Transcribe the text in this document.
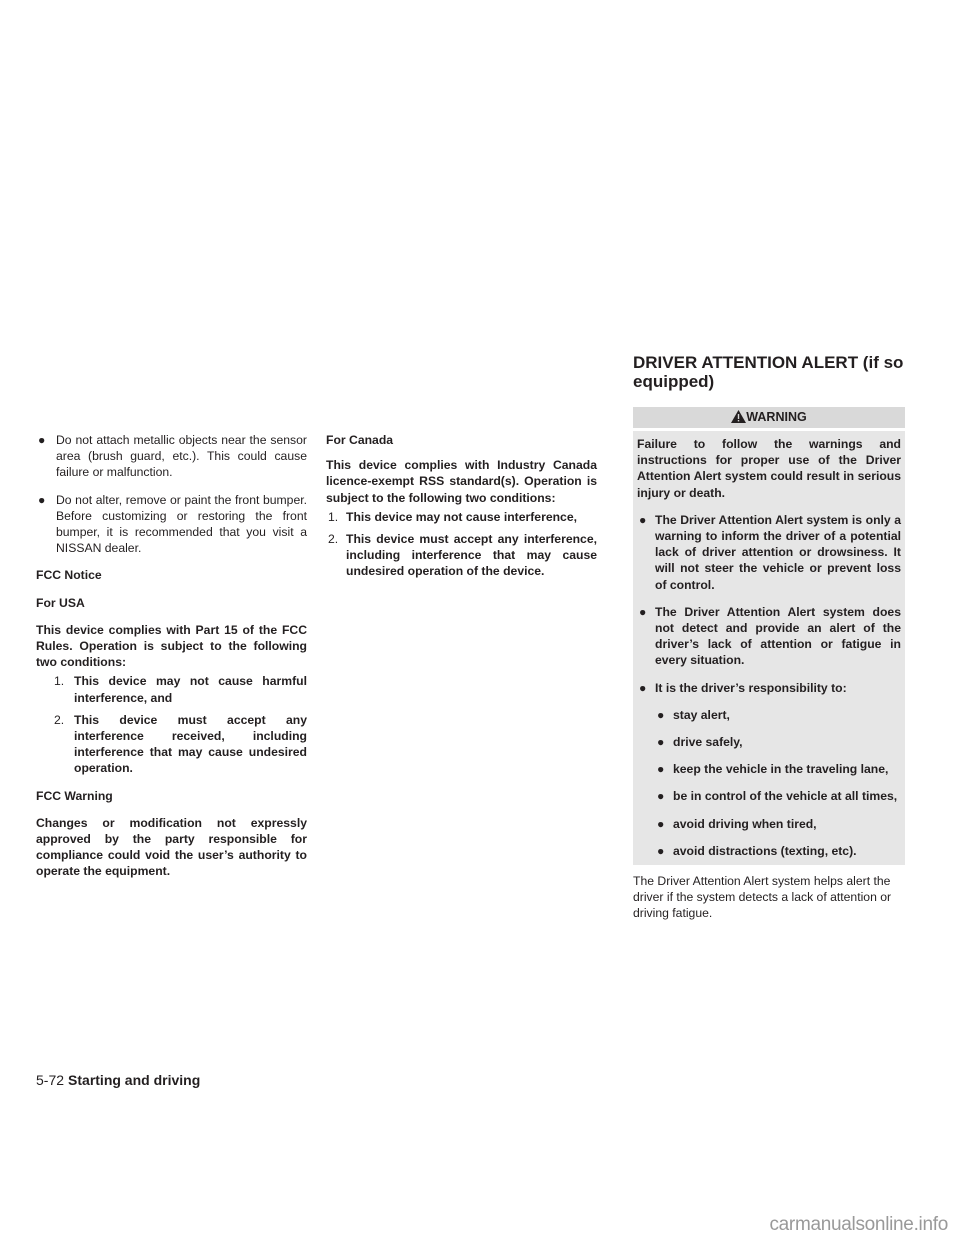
● Do not attach metallic objects near the sensor area (brush guard, etc.). This could cause failure or malfunction.
● Do not alter, remove or paint the front bumper. Before customizing or restoring the front bumper, it is recommended that you visit a NISSAN dealer.

FCC Notice

For USA

This device complies with Part 15 of the FCC Rules. Operation is subject to the following two conditions:

1. This device may not cause harmful interference, and
2. This device must accept any interference received, including interference that may cause undesired operation.

FCC Warning

Changes or modification not expressly approved by the party responsible for compliance could void the user’s authority to operate the equipment.

For Canada

This device complies with Industry Canada licence-exempt RSS standard(s). Operation is subject to the following two conditions:

1. This device may not cause interference,
2. This device must accept any interference, including interference that may cause undesired operation of the device.
DRIVER ATTENTION ALERT (if so equipped)
WARNING

Failure to follow the warnings and instructions for proper use of the Driver Attention Alert system could result in serious injury or death.

● The Driver Attention Alert system is only a warning to inform the driver of a potential lack of driver attention or drowsiness. It will not steer the vehicle or prevent loss of control.
● The Driver Attention Alert system does not detect and provide an alert of the driver’s lack of attention or fatigue in every situation.
● It is the driver’s responsibility to:
● stay alert,
● drive safely,
● keep the vehicle in the traveling lane,
● be in control of the vehicle at all times,
● avoid driving when tired,
● avoid distractions (texting, etc).

The Driver Attention Alert system helps alert the driver if the system detects a lack of attention or driving fatigue.

5-72 Starting and driving
carmanualsonline.info
